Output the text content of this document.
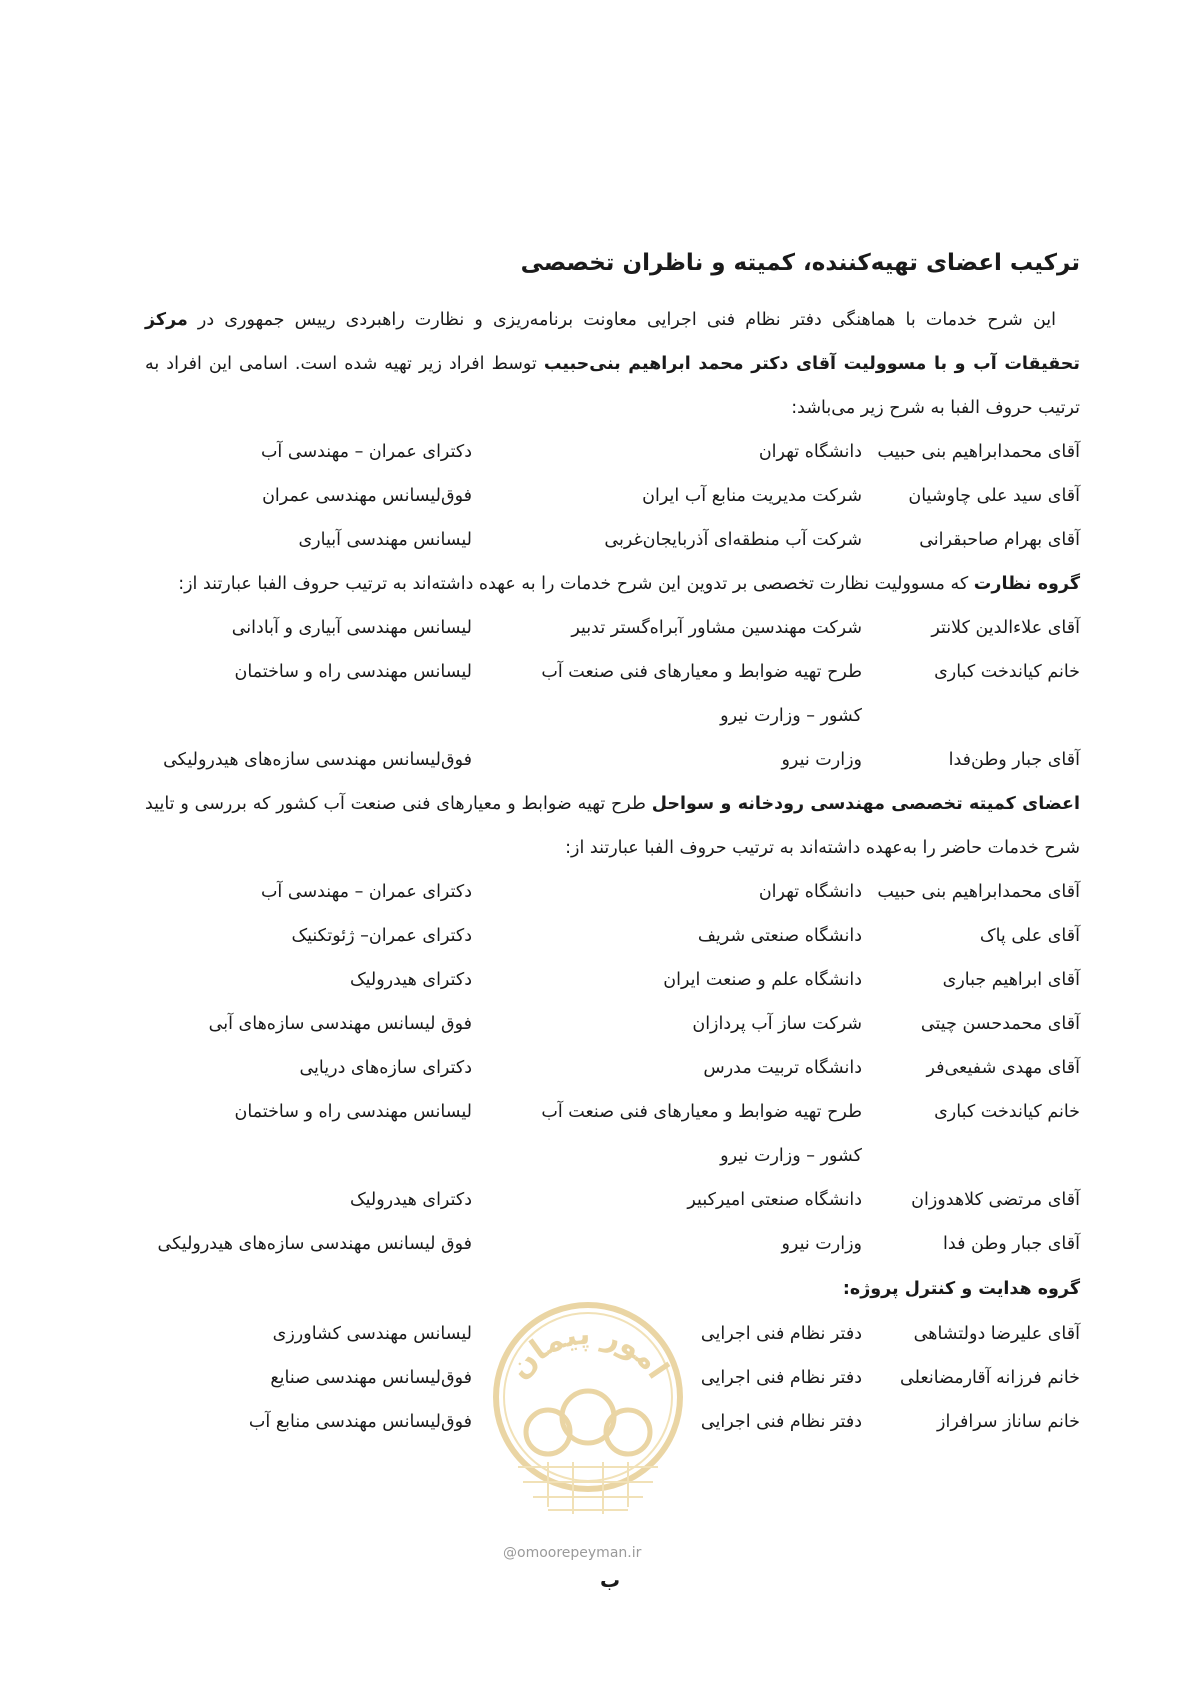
ترکیب اعضای تهیه‌کننده، کمیته و ناظران تخصصی

این شرح خدمات با هماهنگی دفتر نظام فنی اجرایی معاونت برنامه‌ریزی و نظارت راهبردی رییس جمهوری در مرکز تحقیقات آب و با مسوولیت آقای دکتر محمد ابراهیم بنی‌حبیب توسط افراد زیر تهیه شده است. اسامی این افراد به ترتیب حروف الفبا به شرح زیر می‌باشد:

آقای محمدابراهیم بنی حبیب
دانشگاه تهران
دکترای عمران – مهندسی آب
آقای سید علی چاوشیان
شرکت مدیریت منابع آب ایران
فوق‌لیسانس مهندسی عمران
آقای بهرام صاحبقرانی
شرکت آب منطقه‌ای آذربایجان‌غربی
لیسانس مهندسی آبیاری

گروه نظارت که مسوولیت نظارت تخصصی بر تدوین این شرح خدمات را به عهده داشته‌اند به ترتیب حروف الفبا عبارتند از:

آقای علاءالدین کلانتر
شرکت مهندسین مشاور آبراه‌گستر تدبیر
لیسانس مهندسی آبیاری و آبادانی
خانم کیاندخت کباری
طرح تهیه ضوابط و معیارهای فنی صنعت آب
کشور – وزارت نیرو
لیسانس مهندسی راه و ساختمان
آقای جبار وطن‌فدا
وزارت نیرو
فوق‌لیسانس مهندسی سازه‌های هیدرولیکی

اعضای کمیته تخصصی مهندسی رودخانه و سواحل طرح تهیه ضوابط و معیارهای فنی صنعت آب کشور که بررسی و تایید شرح خدمات حاضر را به‌عهده داشته‌اند به ترتیب حروف الفبا عبارتند از:

آقای محمدابراهیم بنی حبیب
دانشگاه تهران
دکترای عمران – مهندسی آب
آقای علی پاک
دانشگاه صنعتی شریف
دکترای عمران– ژئوتکنیک
آقای ابراهیم جباری
دانشگاه علم و صنعت ایران
دکترای هیدرولیک
آقای محمدحسن چیتی
شرکت ساز آب پردازان
فوق لیسانس مهندسی سازه‌های آبی
آقای مهدی شفیعی‌فر
دانشگاه تربیت مدرس
دکترای سازه‌های دریایی
خانم کیاندخت کباری
طرح تهیه ضوابط و معیارهای فنی صنعت آب
کشور – وزارت نیرو
لیسانس مهندسی راه و ساختمان
آقای مرتضی کلاهدوزان
دانشگاه صنعتی امیرکبیر
دکترای هیدرولیک
آقای جبار وطن فدا
وزارت نیرو
فوق لیسانس مهندسی سازه‌های هیدرولیکی

گروه هدایت و کنترل پروژه:

آقای علیرضا دولتشاهی
دفتر نظام فنی اجرایی
لیسانس مهندسی کشاورزی
خانم فرزانه آقارمضانعلی
دفتر نظام فنی اجرایی
فوق‌لیسانس مهندسی صنایع
خانم ساناز سرافراز
دفتر نظام فنی اجرایی
فوق‌لیسانس مهندسی منابع آب
امور پیمان
@omoorepeyman.ir
ب
